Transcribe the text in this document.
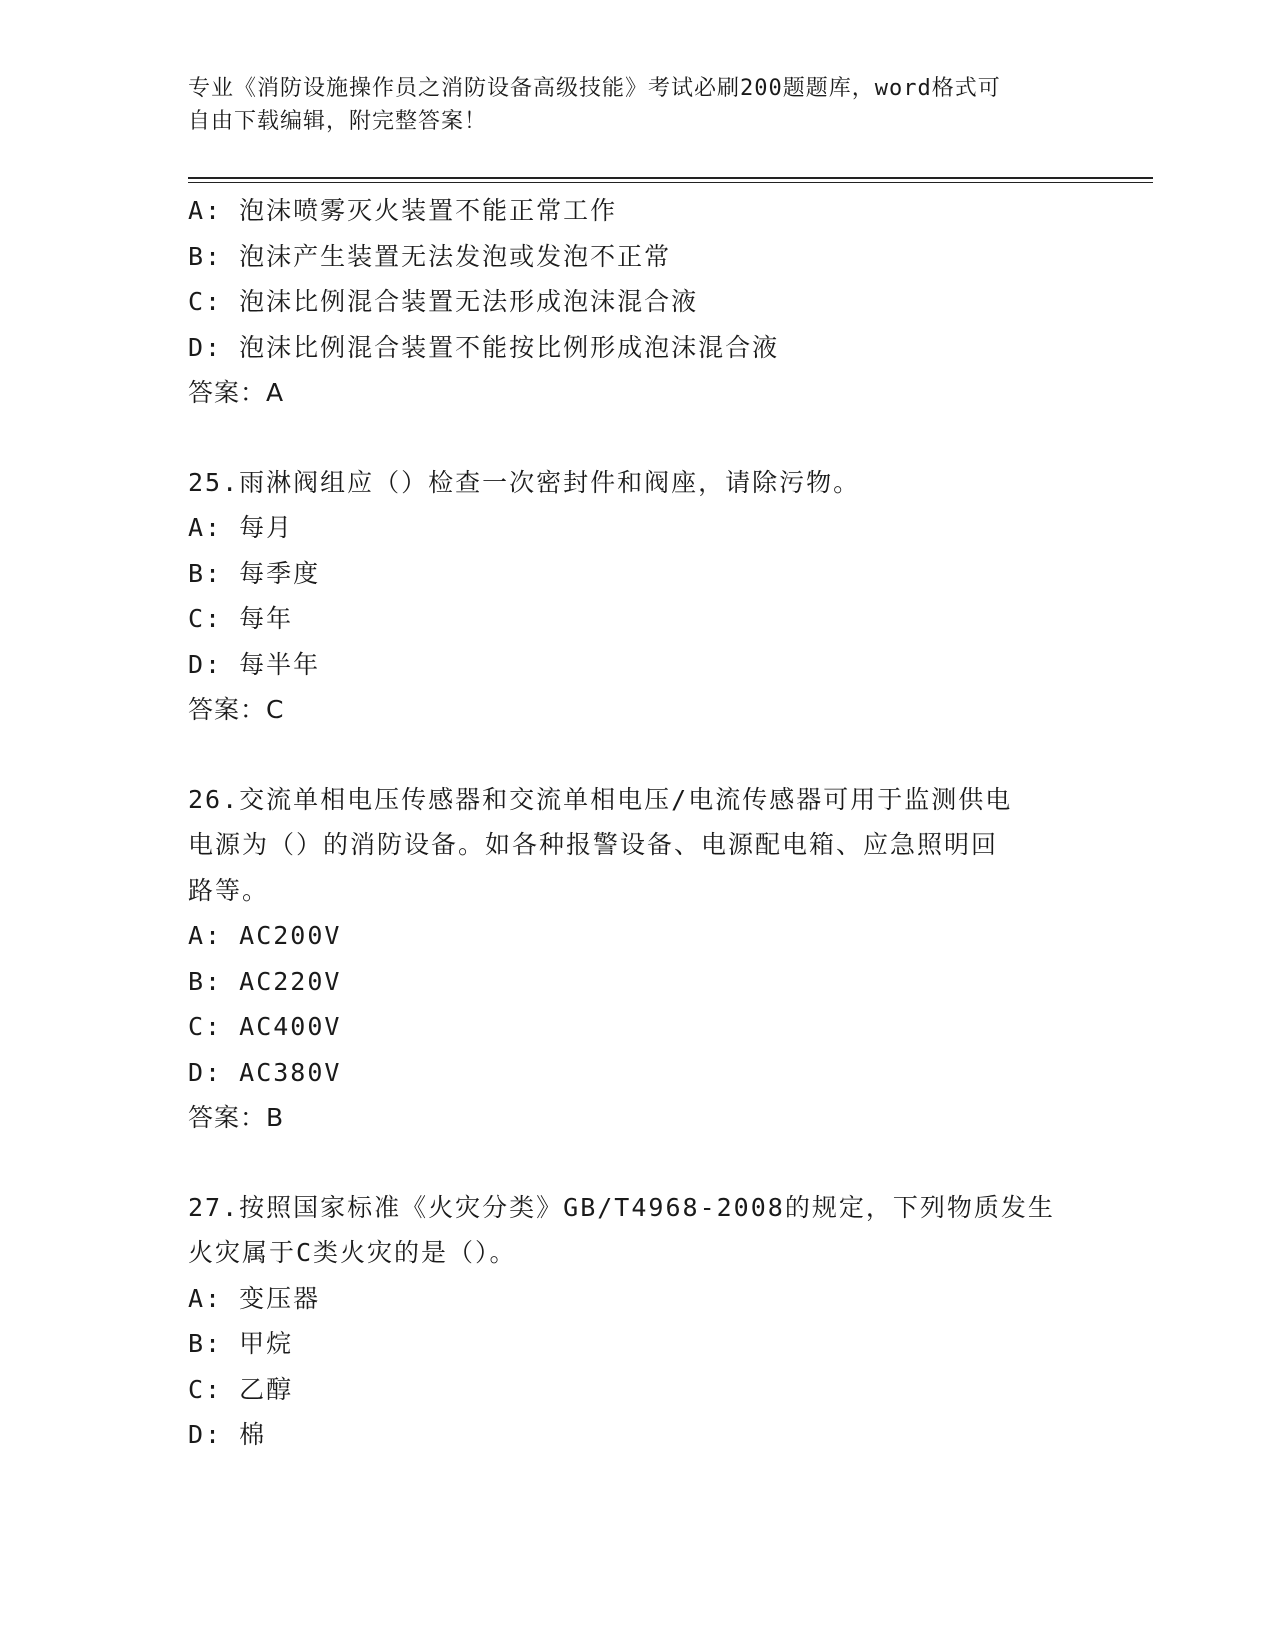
专业《消防设施操作员之消防设备高级技能》考试必刷200题题库，word格式可
自由下载编辑，附完整答案！

A: 泡沫喷雾灭火装置不能正常工作

B: 泡沫产生装置无法发泡或发泡不正常

C: 泡沫比例混合装置无法形成泡沫混合液

D: 泡沫比例混合装置不能按比例形成泡沫混合液

答案：A

25.雨淋阀组应（）检查一次密封件和阀座，请除污物。

A: 每月

B: 每季度

C: 每年

D: 每半年

答案：C

26.交流单相电压传感器和交流单相电压/电流传感器可用于监测供电

电源为（）的消防设备。如各种报警设备、电源配电箱、应急照明回

路等。

A: AC200V

B: AC220V

C: AC400V

D: AC380V

答案：B

27.按照国家标准《火灾分类》GB/T4968-2008的规定，下列物质发生

火灾属于C类火灾的是（）。

A: 变压器

B: 甲烷

C: 乙醇

D: 棉
